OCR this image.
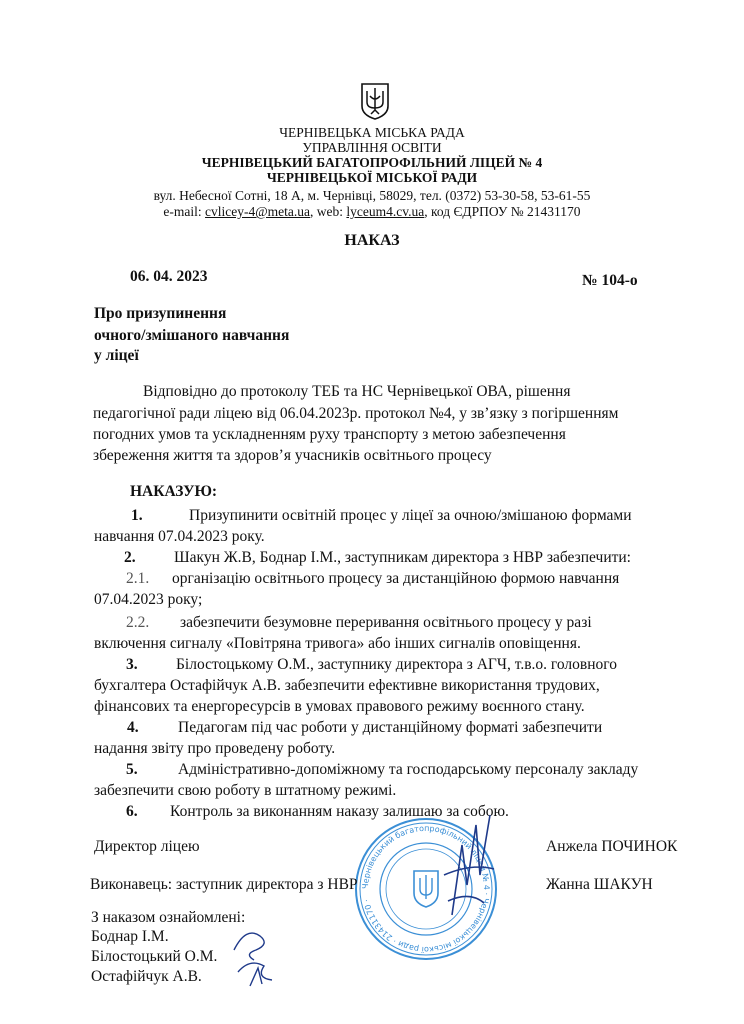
ЧЕРНІВЕЦЬКА МІСЬКА РАДА
УПРАВЛІННЯ ОСВІТИ
ЧЕРНІВЕЦЬКИЙ БАГАТОПРОФІЛЬНИЙ ЛІЦЕЙ № 4
ЧЕРНІВЕЦЬКОЇ МІСЬКОЇ РАДИ
вул. Небесної Сотні, 18 А, м. Чернівці, 58029, тел. (0372) 53-30-58, 53-61-55
e-mail: cvlicey-4@meta.ua, web: lyceum4.cv.ua, код ЄДРПОУ № 21431170
НАКАЗ
06. 04. 2023	№ 104-о
Про призупинення
очного/змішаного навчання
у ліцеї
Відповідно до протоколу ТЕБ та НС Чернівецької ОВА, рішення
педагогічної ради ліцею від 06.04.2023р. протокол №4, у зв’язку з погіршенням
погодних умов та ускладненням руху транспорту з метою забезпечення
збереження життя та здоров’я учасників освітнього процесу
НАКАЗУЮ:
1.	Призупинити освітній процес у ліцеї за очною/змішаною формами
навчання 07.04.2023 року.
2. Шакун Ж.В, Боднар І.М., заступникам директора з НВР забезпечити:
2.1. організацію освітнього процесу за дистанційною формою навчання
07.04.2023 року;
2.2. забезпечити безумовне переривання освітнього процесу у разі
включення сигналу «Повітряна тривога» або інших сигналів оповіщення.
3. Білостоцькому О.М., заступнику директора з АГЧ, т.в.о. головного
бухгалтера Остафійчук А.В. забезпечити ефективне використання трудових,
фінансових та енергоресурсів в умовах правового режиму воєнного стану.
4.	Педагогам під час роботи у дистанційному форматі забезпечити
надання звіту про проведену роботу.
5.	Адміністративно-допоміжному та господарському персоналу закладу
забезпечити свою роботу в штатному режимі.
6. Контроль за виконанням наказу залишаю за собою.
Чернівецький багатопрофільний ліцей № 4 · Чернівецької міської ради · 21431170 ·
Директор ліцею	Анжела ПОЧИНОК
Виконавець: заступник директора з НВР	Жанна ШАКУН
З наказом ознайомлені:
Боднар І.М.
Білостоцький О.М.
Остафійчук А.В.
